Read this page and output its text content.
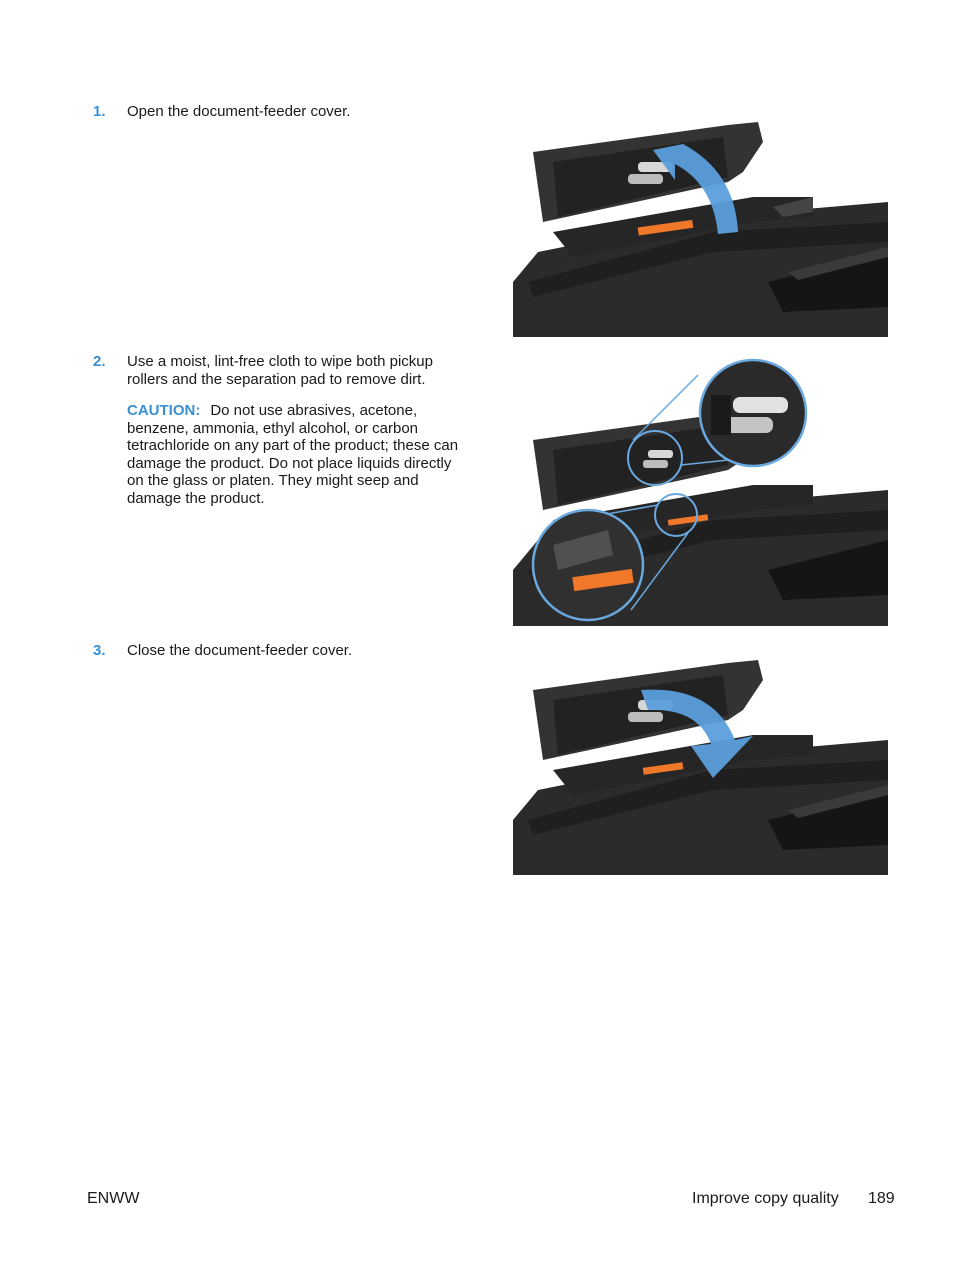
1. Open the document-feeder cover.
2. Use a moist, lint-free cloth to wipe both pickup rollers and the separation pad to remove dirt.
CAUTION: Do not use abrasives, acetone, benzene, ammonia, ethyl alcohol, or carbon tetrachloride on any part of the product; these can damage the product. Do not place liquids directly on the glass or platen. They might seep and damage the product.
3. Close the document-feeder cover.
ENWW	Improve copy quality 189
